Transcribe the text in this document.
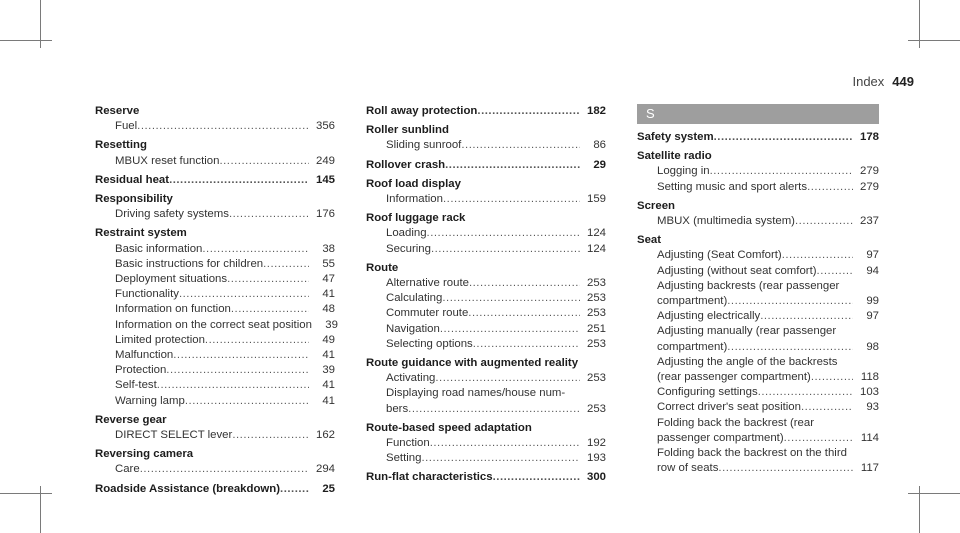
Index 449
Reserve
Fuel .....	356
Resetting
MBUX reset function .....	249
Residual heat .....	145
Responsibility
Driving safety systems .....	176
Restraint system
Basic information .....	38
Basic instructions for children .....	55
Deployment situations .....	47
Functionality .....	41
Information on function .....	48
Information on the correct seat position	39
Limited protection .....	49
Malfunction .....	41
Protection .....	39
Self-test .....	41
Warning lamp .....	41
Reverse gear
DIRECT SELECT lever .....	162
Reversing camera
Care .....	294
Roadside Assistance (breakdown) .....	25
Roll away protection .....	182
Roller sunblind
Sliding sunroof .....	86
Rollover crash .....	29
Roof load display
Information .....	159
Roof luggage rack
Loading .....	124
Securing .....	124
Route
Alternative route .....	253
Calculating .....	253
Commuter route .....	253
Navigation .....	251
Selecting options .....	253
Route guidance with augmented reality
Activating .....	253
Displaying road names/house num-
bers .....	253
Route-based speed adaptation
Function .....	192
Setting .....	193
Run-flat characteristics .....	300
S
Safety system .....	178
Satellite radio
Logging in .....	279
Setting music and sport alerts .....	279
Screen
MBUX (multimedia system) .....	237
Seat
Adjusting (Seat Comfort) .....	97
Adjusting (without seat comfort) .....	94
Adjusting backrests (rear passenger
compartment) .....	99
Adjusting electrically .....	97
Adjusting manually (rear passenger
compartment) .....	98
Adjusting the angle of the backrests
(rear passenger compartment) .....	118
Configuring settings .....	103
Correct driver's seat position .....	93
Folding back the backrest (rear
passenger compartment) .....	114
Folding back the backrest on the third
row of seats .....	117
